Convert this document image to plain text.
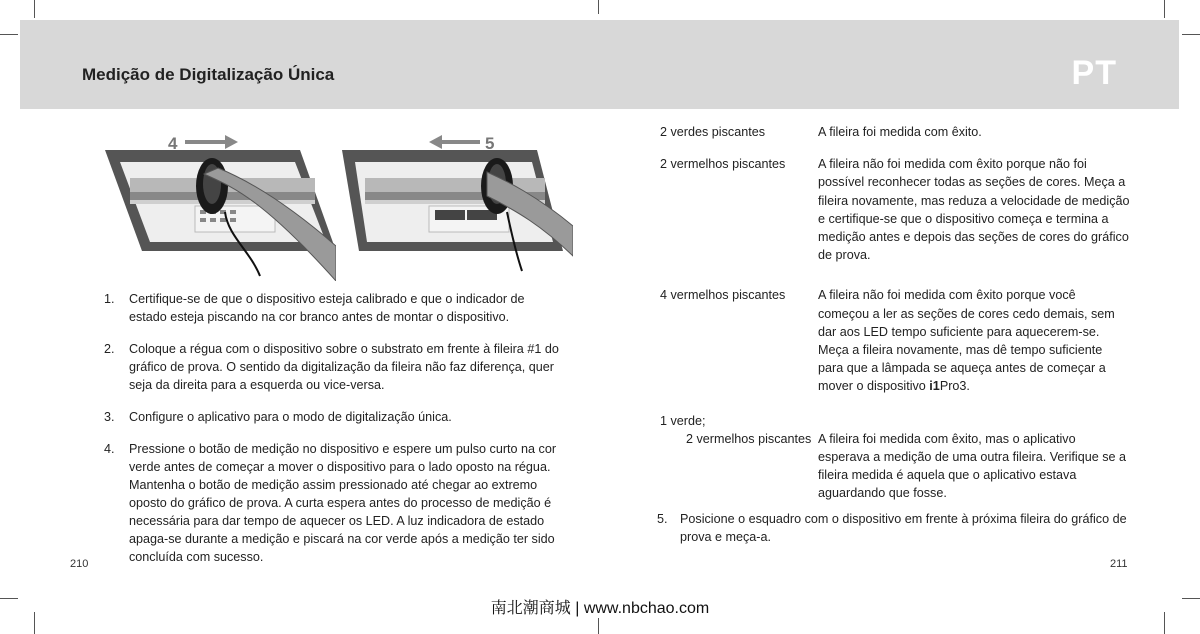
Medição de Digitalização Única	PT
4	5
1.	Certifique-se de que o dispositivo esteja calibrado e que o indicador de estado esteja piscando na cor branco antes de montar o dispositivo.
2.	Coloque a régua com o dispositivo sobre o substrato em frente à fileira #1 do gráfico de prova. O sentido da digitalização da fileira não faz diferença, quer seja da direita para a esquerda ou vice-versa.
3.	Configure o aplicativo para o modo de digitalização única.
4.	Pressione o botão de medição no dispositivo e espere um pulso curto na cor verde antes de começar a mover o dispositivo para o lado oposto na régua. Mantenha o botão de medição assim pressionado até chegar ao extremo oposto do gráfico de prova. A curta espera antes do processo de medição é necessária para dar tempo de aquecer os LED. A luz indicadora de estado apaga-se durante a medição e piscará na cor verde após a medição ter sido concluída com sucesso.
2 verdes piscantes	A fileira foi medida com êxito.
2 vermelhos piscantes	A fileira não foi medida com êxito porque não foi possível reconhecer todas as seções de cores. Meça a fileira novamente, mas reduza a velocidade de medição e certifique-se que o dispositivo começa e termina a medição antes e depois das seções de cores do gráfico de prova.
4 vermelhos piscantes	A fileira não foi medida com êxito porque você começou a ler as seções de cores cedo demais, sem dar aos LED tempo suficiente para aquecerem-se. Meça a fileira novamente, mas dê tempo suficiente para que a lâmpada se aqueça antes de começar a mover o dispositivo i1Pro3.
1 verde;
2 vermelhos piscantes A fileira foi medida com êxito, mas o aplicativo esperava a medição de uma outra fileira. Verifique se a fileira medida é aquela que o aplicativo estava aguardando que fosse.
5. Posicione o esquadro com o dispositivo em frente à próxima fileira do gráfico de prova e meça-a.
210	211
南北潮商城 | www.nbchao.com
